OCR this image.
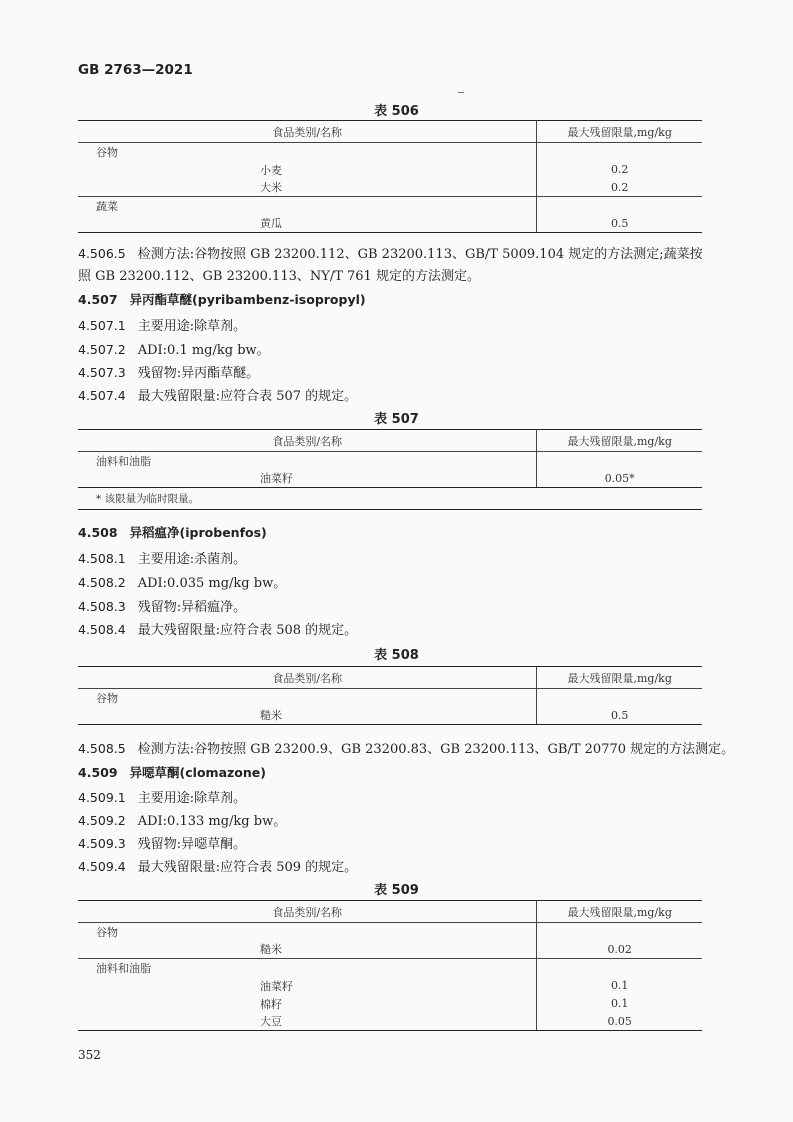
GB 2763—2021
表 506
食品类别/名称	最大残留限量,mg/kg
谷物	
小麦	0.2
大米	0.2
蔬菜	
黄瓜	0.5
4.506.5 检测方法:谷物按照 GB 23200.112、GB 23200.113、GB/T 5009.104 规定的方法测定;蔬菜按照 GB 23200.112、GB 23200.113、NY/T 761 规定的方法测定。
4.507 异丙酯草醚(pyribambenz-isopropyl)
4.507.1 主要用途:除草剂。
4.507.2 ADI:0.1 mg/kg bw。
4.507.3 残留物:异丙酯草醚。
4.507.4 最大残留限量:应符合表 507 的规定。
表 507
食品类别/名称	最大残留限量,mg/kg
油料和油脂	
油菜籽	0.05*
* 该限量为临时限量。	
4.508 异稻瘟净(iprobenfos)
4.508.1 主要用途:杀菌剂。
4.508.2 ADI:0.035 mg/kg bw。
4.508.3 残留物:异稻瘟净。
4.508.4 最大残留限量:应符合表 508 的规定。
表 508
食品类别/名称	最大残留限量,mg/kg
谷物	
糙米	0.5
4.508.5 检测方法:谷物按照 GB 23200.9、GB 23200.83、GB 23200.113、GB/T 20770 规定的方法测定。
4.509 异噁草酮(clomazone)
4.509.1 主要用途:除草剂。
4.509.2 ADI:0.133 mg/kg bw。
4.509.3 残留物:异噁草酮。
4.509.4 最大残留限量:应符合表 509 的规定。
表 509
食品类别/名称	最大残留限量,mg/kg
谷物	
糙米	0.02
油料和油脂	
油菜籽	0.1
棉籽	0.1
大豆	0.05
352
